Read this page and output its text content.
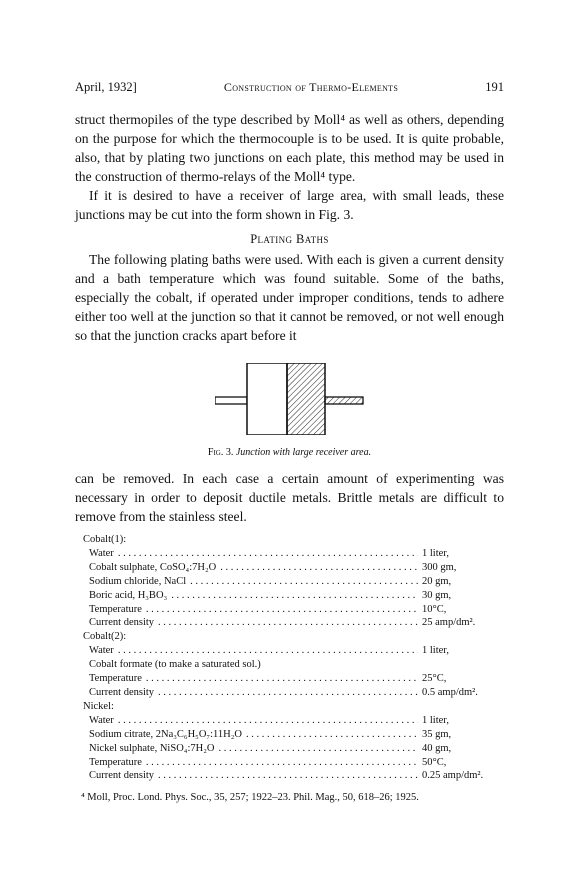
April, 1932]	Construction of Thermo-Elements	191

struct thermopiles of the type described by Moll⁴ as well as others, depending on the purpose for which the thermocouple is to be used. It is quite probable, also, that by plating two junctions on each plate, this method may be used in the construction of thermo-relays of the Moll⁴ type.

If it is desired to have a receiver of large area, with small leads, these junctions may be cut into the form shown in Fig. 3.

Plating Baths

The following plating baths were used. With each is given a current density and a bath temperature which was found suitable. Some of the baths, especially the cobalt, if operated under improper conditions, tends to adhere either too well at the junction so that it cannot be removed, or not well enough so that the junction cracks apart before it

Fig. 3. Junction with large receiver area.

can be removed. In each case a certain amount of experimenting was necessary in order to deposit ductile metals. Brittle metals are difficult to remove from the stainless steel.

Cobalt(1):
Water . . .	1 liter,
Cobalt sulphate, CoSO₄:7H₂O . . .	300 gm,
Sodium chloride, NaCl . . .	20 gm,
Boric acid, H₃BO₃ . . .	30 gm,
Temperature . . .	10°C,
Current density . . .	25 amp/dm².
Cobalt(2):
Water . . .	1 liter,
Cobalt formate (to make a saturated sol.)
Temperature . . .	25°C,
Current density . . .	0.5 amp/dm².
Nickel:
Water . . .	1 liter,
Sodium citrate, 2Na₃C₆H₅O₇:11H₂O . . .	35 gm,
Nickel sulphate, NiSO₄:7H₂O . . .	40 gm,
Temperature . . .	50°C,
Current density . . .	0.25 amp/dm².
⁴ Moll, Proc. Lond. Phys. Soc., 35, 257; 1922–23. Phil. Mag., 50, 618–26; 1925.
